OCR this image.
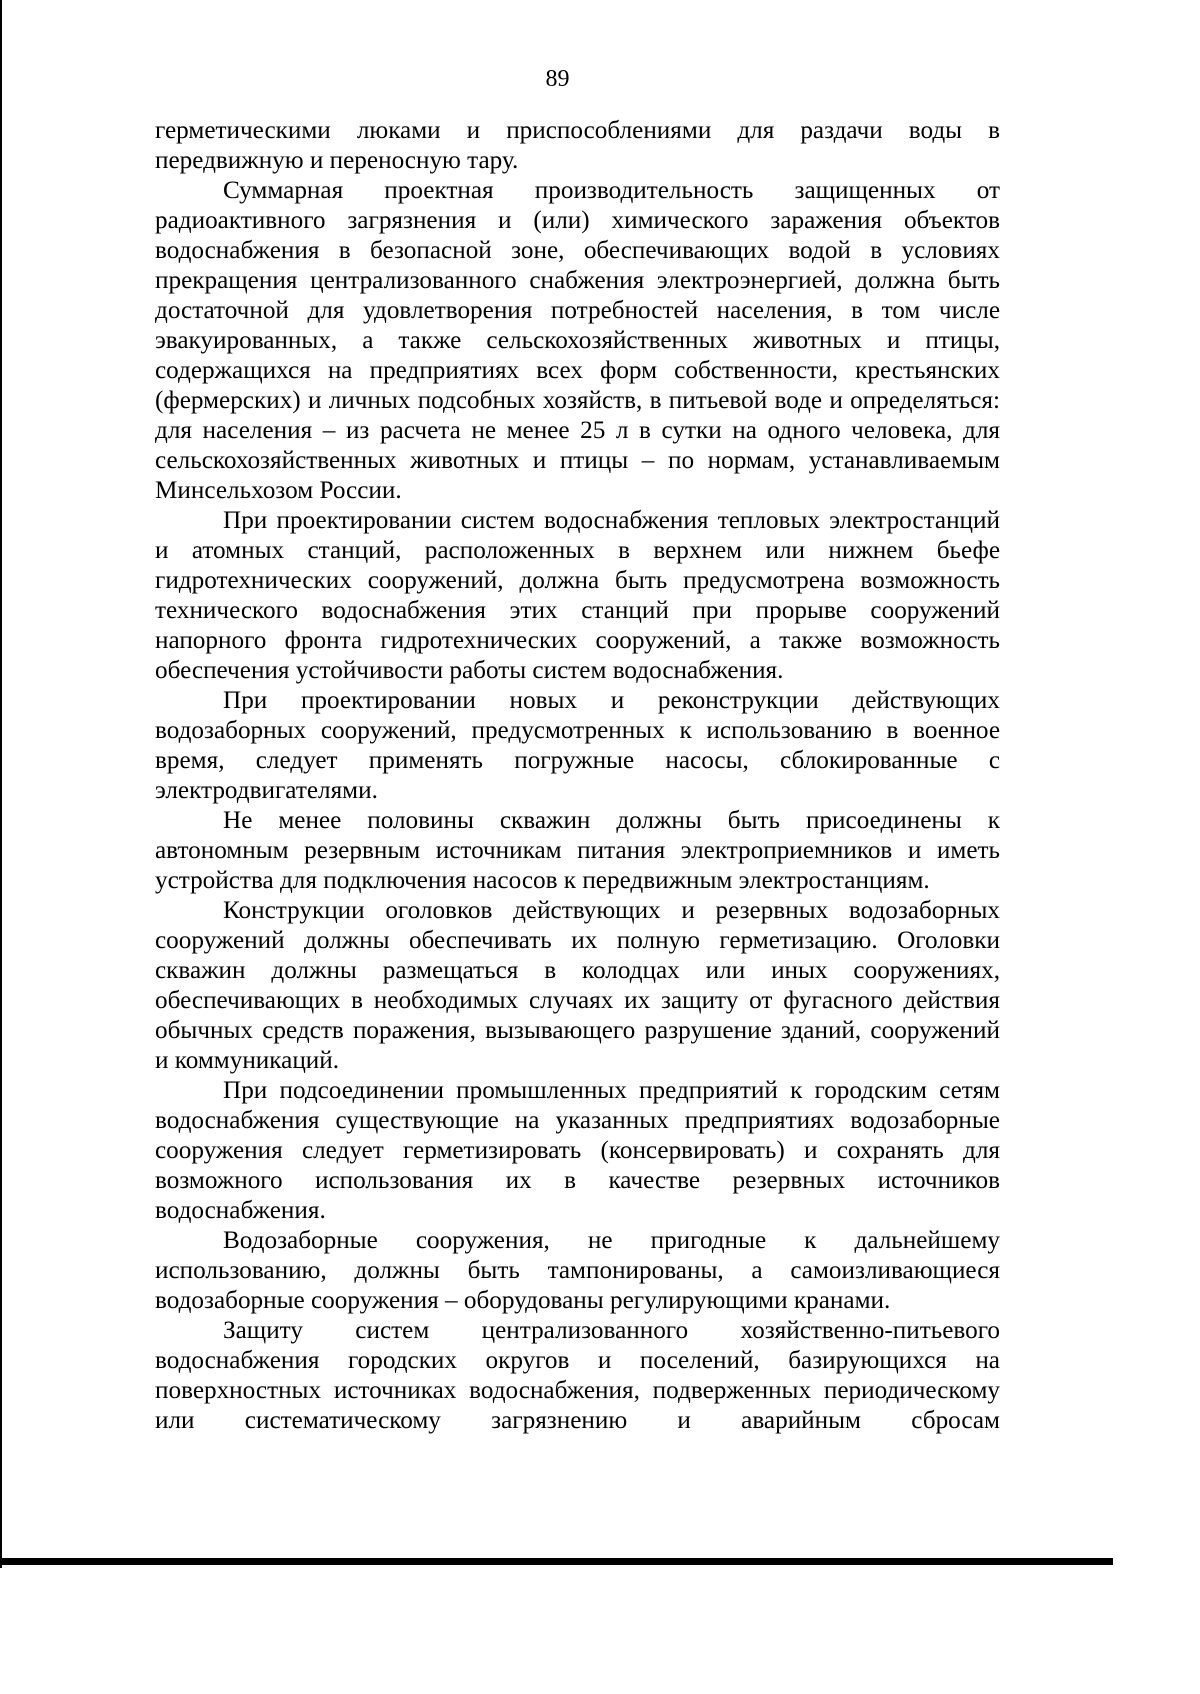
89

герметическими люками и приспособлениями для раздачи воды в передвижную и переносную тару.

Суммарная проектная производительность защищенных от радиоактивного загрязнения и (или) химического заражения объектов водоснабжения в безопасной зоне, обеспечивающих водой в условиях прекращения централизованного снабжения электроэнергией, должна быть достаточной для удовлетворения потребностей населения, в том числе эвакуированных, а также сельскохозяйственных животных и птицы, содержащихся на предприятиях всех форм собственности, крестьянских (фермерских) и личных подсобных хозяйств, в питьевой воде и определяться: для населения – из расчета не менее 25 л в сутки на одного человека, для сельскохозяйственных животных и птицы – по нормам, устанавливаемым Минсельхозом России.

При проектировании систем водоснабжения тепловых электростанций и атомных станций, расположенных в верхнем или нижнем бьефе гидротехнических сооружений, должна быть предусмотрена возможность технического водоснабжения этих станций при прорыве сооружений напорного фронта гидротехнических сооружений, а также возможность обеспечения устойчивости работы систем водоснабжения.

При проектировании новых и реконструкции действующих водозаборных сооружений, предусмотренных к использованию в военное время, следует применять погружные насосы, сблокированные с электродвигателями.

Не менее половины скважин должны быть присоединены к автономным резервным источникам питания электроприемников и иметь устройства для подключения насосов к передвижным электростанциям.

Конструкции оголовков действующих и резервных водозаборных сооружений должны обеспечивать их полную герметизацию. Оголовки скважин должны размещаться в колодцах или иных сооружениях, обеспечивающих в необходимых случаях их защиту от фугасного действия обычных средств поражения, вызывающего разрушение зданий, сооружений и коммуникаций.

При подсоединении промышленных предприятий к городским сетям водоснабжения существующие на указанных предприятиях водозаборные сооружения следует герметизировать (консервировать) и сохранять для возможного использования их в качестве резервных источников водоснабжения.

Водозаборные сооружения, не пригодные к дальнейшему использованию, должны быть тампонированы, а самоизливающиеся водозаборные сооружения – оборудованы регулирующими кранами.

Защиту систем централизованного хозяйственно-питьевого водоснабжения городских округов и поселений, базирующихся на поверхностных источниках водоснабжения, подверженных периодическому или систематическому загрязнению и аварийным сбросам
